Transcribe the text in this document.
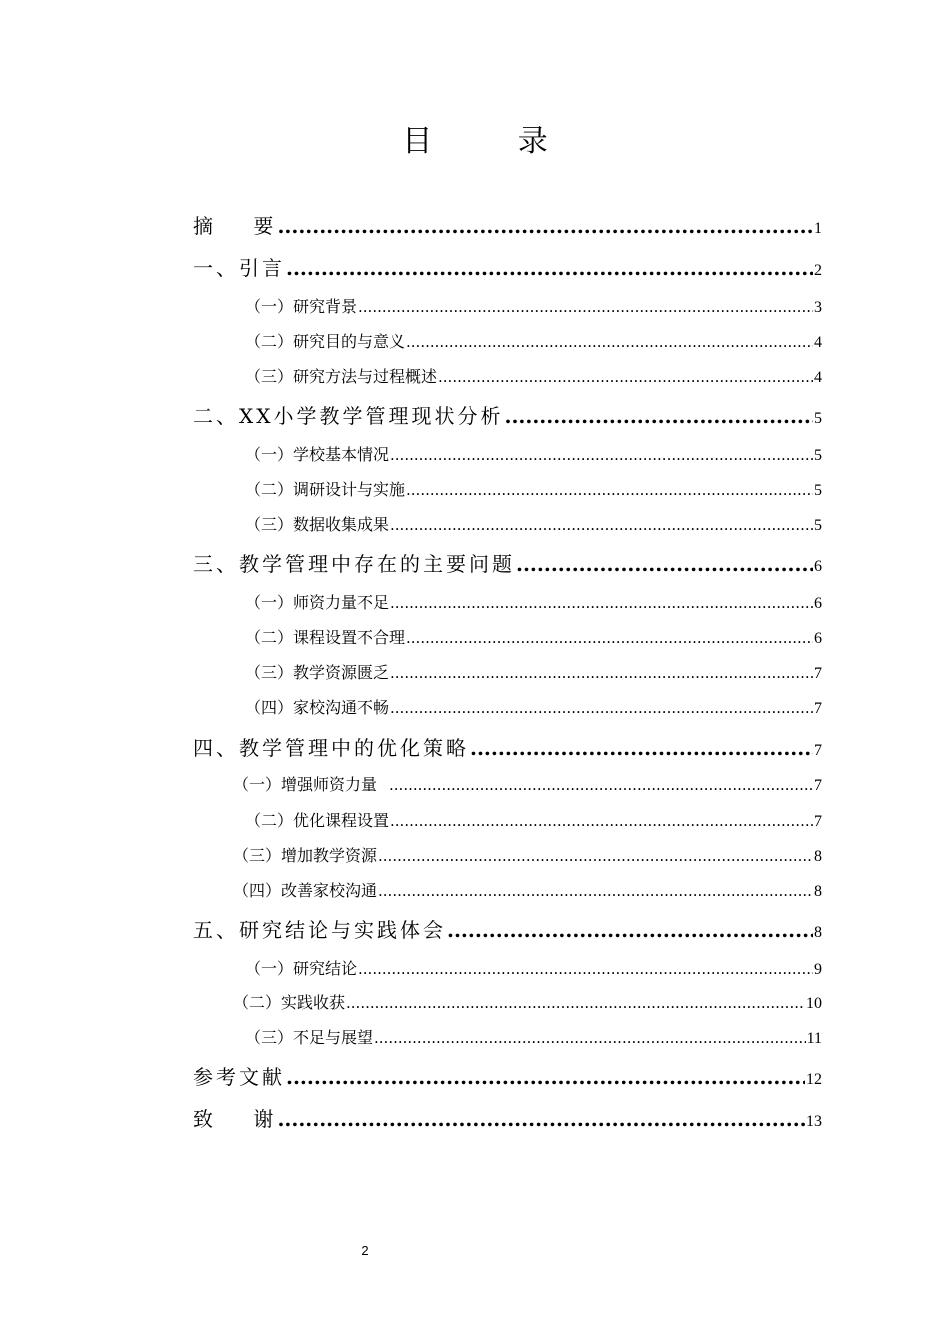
目 录
摘    要 .....	1
一、引言 .....	2
（一）研究背景 .....	3
（二）研究目的与意义 .....	4
（三）研究方法与过程概述 .....	4
二、XX小学教学管理现状分析 .....	5
（一）学校基本情况 .....	5
（二）调研设计与实施 .....	5
（三）数据收集成果 .....	5
三、教学管理中存在的主要问题 .....	6
（一）师资力量不足 .....	6
（二）课程设置不合理 .....	6
（三）教学资源匮乏 .....	7
（四）家校沟通不畅 .....	7
四、教学管理中的优化策略 .....	7
（一）增强师资力量 .....	7
（二）优化课程设置 .....	7
（三）增加教学资源 .....	8
（四）改善家校沟通 .....	8
五、研究结论与实践体会 .....	8
（一）研究结论 .....	9
（二）实践收获 .....	10
（三）不足与展望 .....	11
参考文献 .....	12
致    谢 .....	13
2
